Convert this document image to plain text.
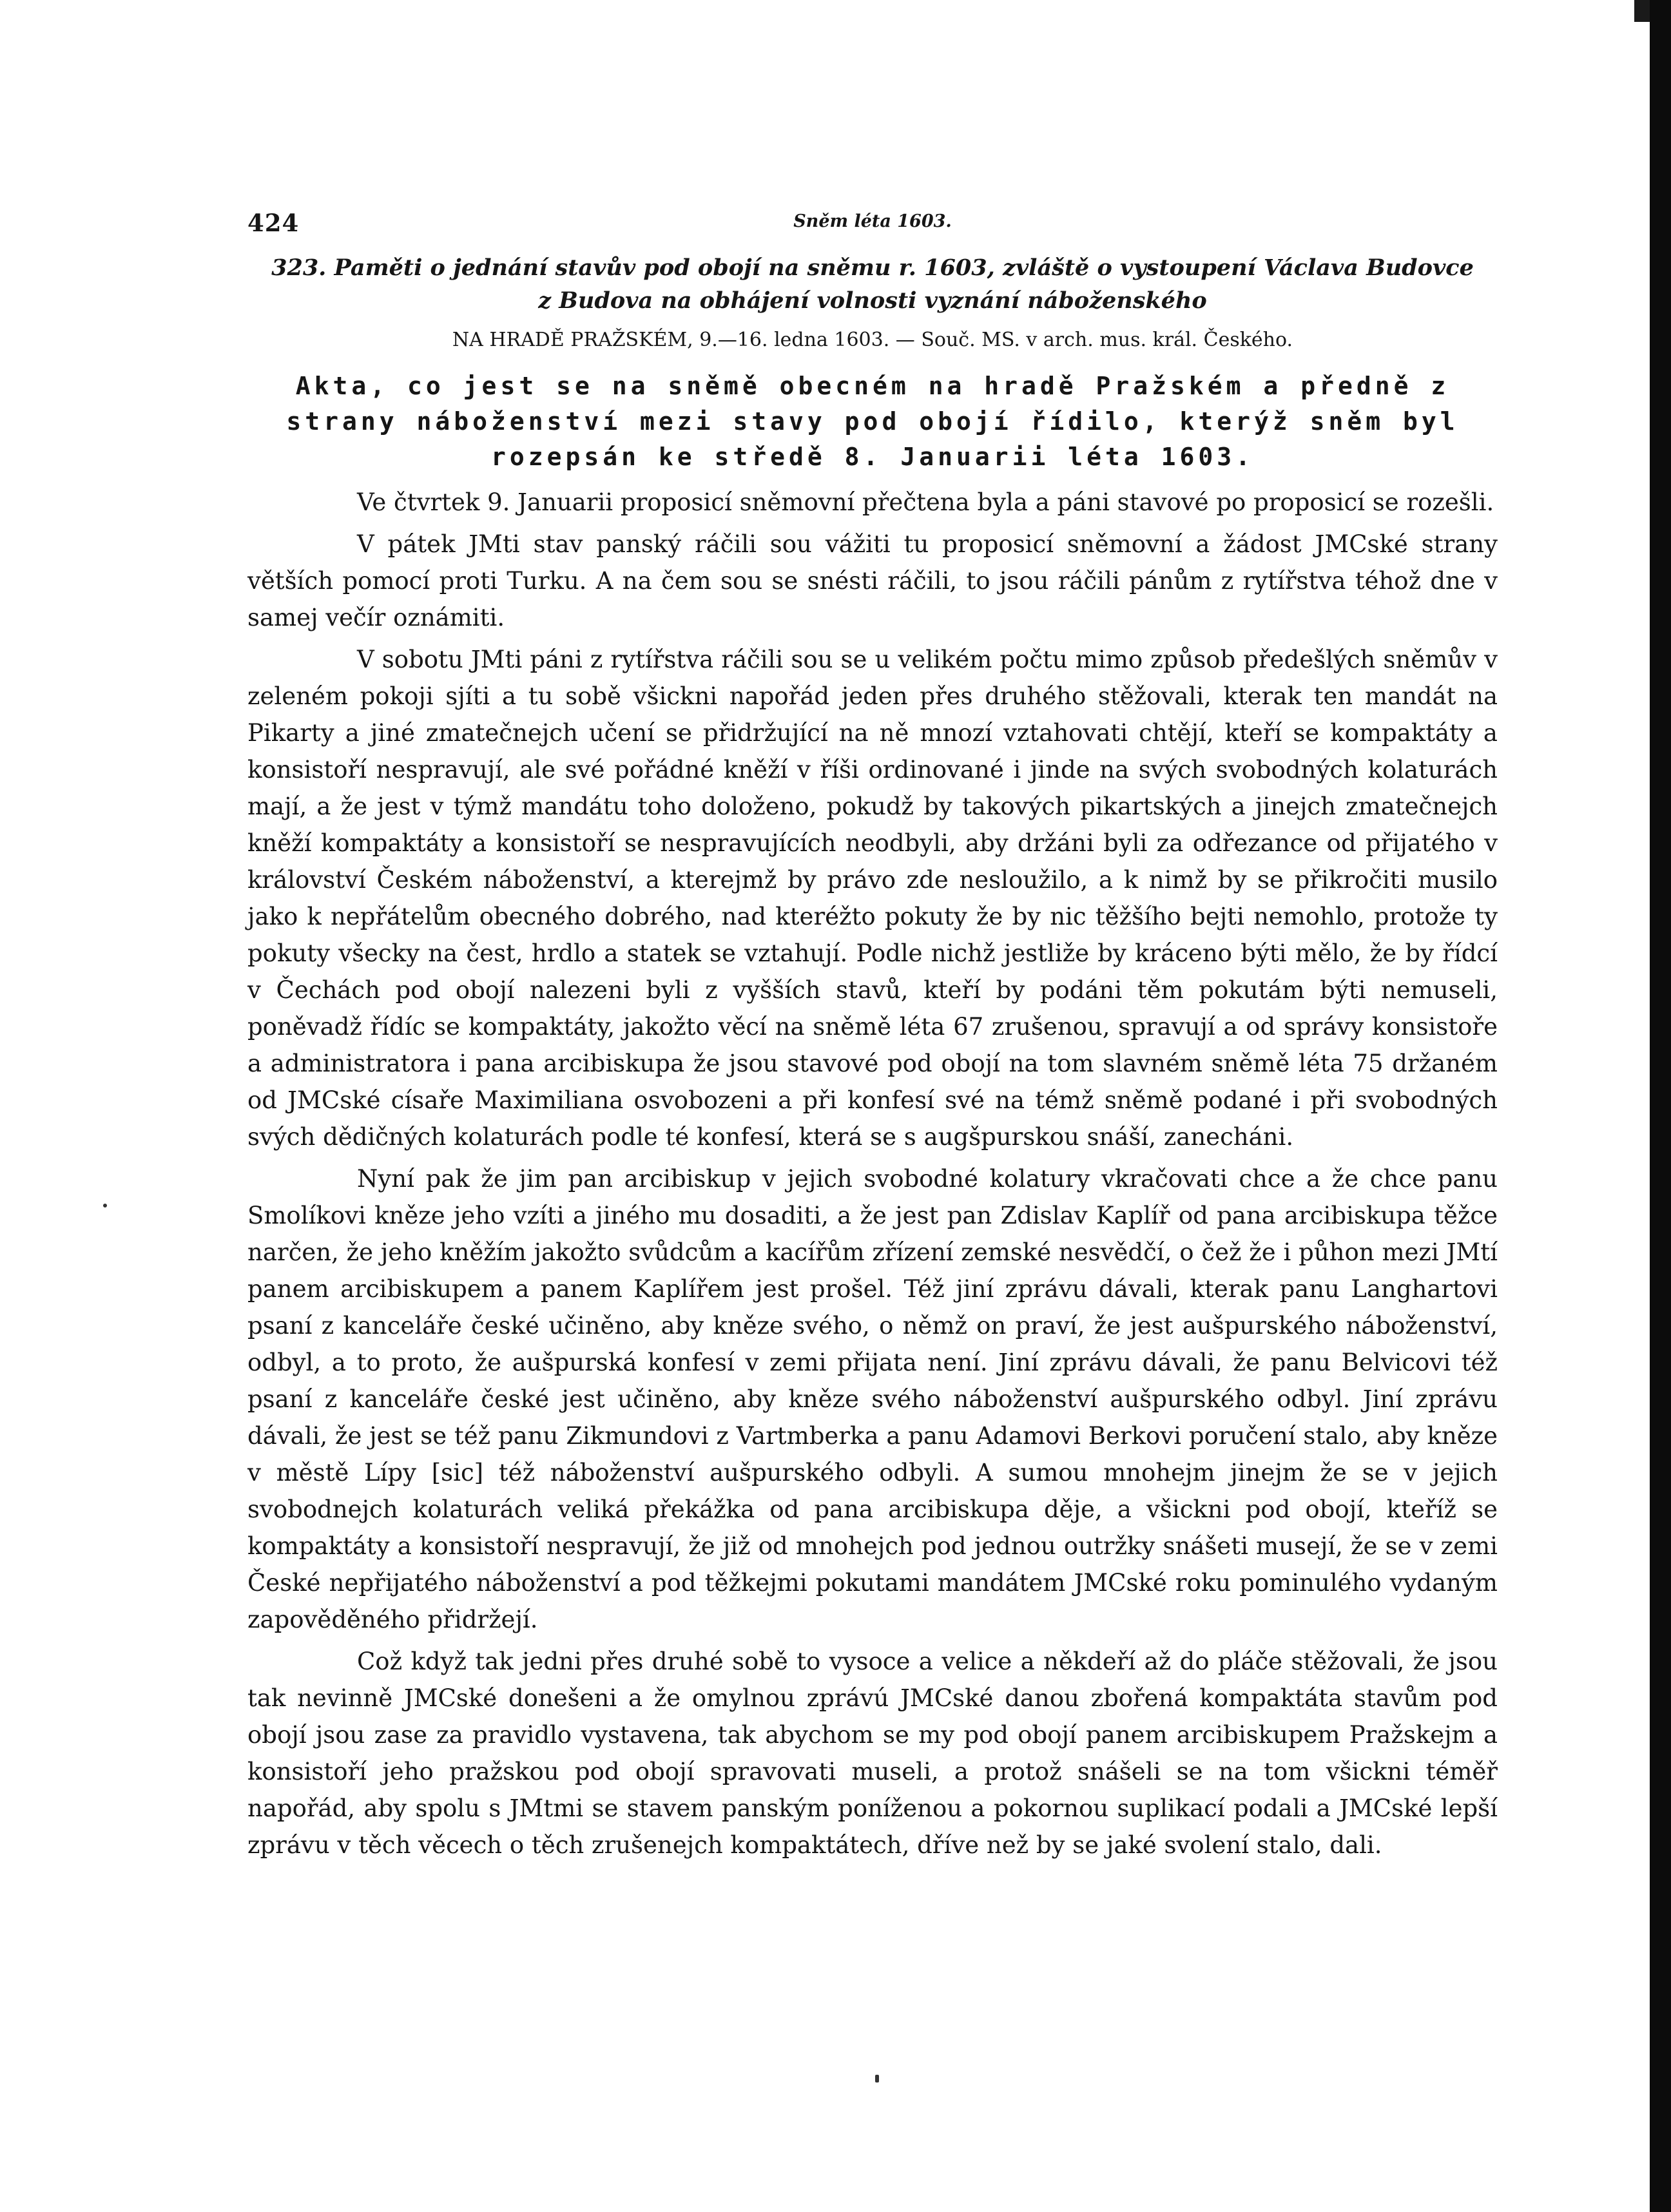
424	Sněm léta 1603.

323. Paměti o jednání stavův pod obojí na sněmu r. 1603, zvláště o vystoupení Václava Budovce

z Budova na obhájení volnosti vyznání náboženského

NA HRADĚ PRAŽSKÉM, 9.—16. ledna 1603. — Souč. MS. v arch. mus. král. Českého.

Akta, co jest se na sněmě obecném na hradě Pražském a předně z strany náboženství mezi stavy pod obojí řídilo, kterýž sněm byl rozepsán ke středě 8. Januarii léta 1603.

Ve čtvrtek 9. Januarii proposicí sněmovní přečtena byla a páni stavové po proposicí se rozešli.

V pátek JMti stav panský ráčili sou vážiti tu proposicí sněmovní a žádost JMCské strany větších pomocí proti Turku. A na čem sou se snésti ráčili, to jsou ráčili pánům z rytířstva téhož dne v samej večír oznámiti.

V sobotu JMti páni z rytířstva ráčili sou se u velikém počtu mimo způsob předešlých sněmův v zeleném pokoji sjíti a tu sobě všickni napořád jeden přes druhého stěžovali, kterak ten mandát na Pikarty a jiné zmatečnejch učení se přidržující na ně mnozí vztahovati chtějí, kteří se kompaktáty a konsistoří nespravují, ale své pořádné kněží v říši ordinované i jinde na svých svobodných kolaturách mají, a že jest v týmž mandátu toho doloženo, pokudž by takových pikartských a jinejch zmatečnejch kněží kompaktáty a konsistoří se nespravujících neodbyli, aby držáni byli za odřezance od přijatého v království Českém náboženství, a kterejmž by právo zde nesloužilo, a k nimž by se přikročiti musilo jako k nepřátelům obecného dobrého, nad kteréžto pokuty že by nic těžšího bejti nemohlo, protože ty pokuty všecky na čest, hrdlo a statek se vztahují. Podle nichž jestliže by kráceno býti mělo, že by řídcí v Čechách pod obojí nalezeni byli z vyšších stavů, kteří by podáni těm pokutám býti nemuseli, poněvadž řídíc se kompaktáty, jakožto věcí na sněmě léta 67 zrušenou, spravují a od správy konsistoře a administratora i pana arcibiskupa že jsou stavové pod obojí na tom slavném sněmě léta 75 držaném od JMCské císaře Maximiliana osvobozeni a při konfesí své na témž sněmě podané i při svobodných svých dědičných kolaturách podle té konfesí, která se s augšpurskou snáší, zanecháni.

Nyní pak že jim pan arcibiskup v jejich svobodné kolatury vkračovati chce a že chce panu Smolíkovi kněze jeho vzíti a jiného mu dosaditi, a že jest pan Zdislav Kaplíř od pana arcibiskupa těžce narčen, že jeho kněžím jakožto svůdcům a kacířům zřízení zemské nesvědčí, o čež že i půhon mezi JMtí panem arcibiskupem a panem Kaplířem jest prošel. Též jiní zprávu dávali, kterak panu Langhartovi psaní z kanceláře české učiněno, aby kněze svého, o němž on praví, že jest aušpurského náboženství, odbyl, a to proto, že aušpurská konfesí v zemi přijata není. Jiní zprávu dávali, že panu Belvicovi též psaní z kanceláře české jest učiněno, aby kněze svého náboženství aušpurského odbyl. Jiní zprávu dávali, že jest se též panu Zikmundovi z Vartmberka a panu Adamovi Berkovi poručení stalo, aby kněze v městě Lípy [sic] též náboženství aušpurského odbyli. A sumou mnohejm jinejm že se v jejich svobodnejch kolaturách veliká překážka od pana arcibiskupa děje, a všickni pod obojí, kteříž se kompaktáty a konsistoří nespravují, že již od mnohejch pod jednou outržky snášeti musejí, že se v zemi České nepřijatého náboženství a pod těžkejmi pokutami mandátem JMCské roku pominulého vydaným zapověděného přidržejí.

Což když tak jedni přes druhé sobě to vysoce a velice a někdeří až do pláče stěžovali, že jsou tak nevinně JMCské donešeni a že omylnou zprávú JMCské danou zbořená kompaktáta stavům pod obojí jsou zase za pravidlo vystavena, tak abychom se my pod obojí panem arcibiskupem Pražskejm a konsistoří jeho pražskou pod obojí spravovati museli, a protož snášeli se na tom všickni téměř napořád, aby spolu s JMtmi se stavem panským poníženou a pokornou suplikací podali a JMCské lepší zprávu v těch věcech o těch zrušenejch kompaktátech, dříve než by se jaké svolení stalo, dali.
